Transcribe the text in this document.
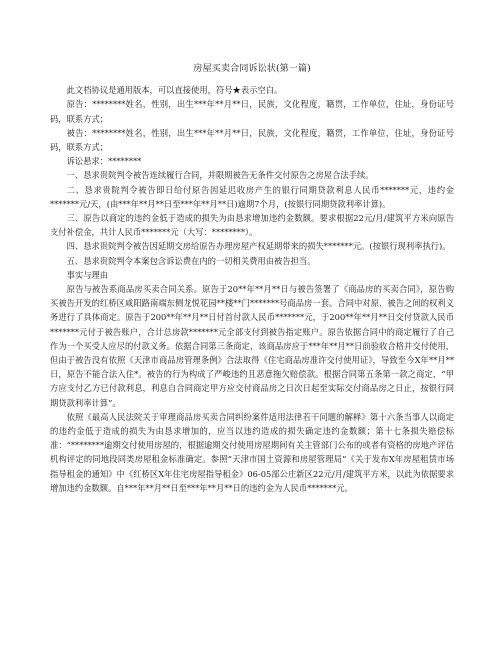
房屋买卖合同诉讼状(第一篇)

此文档协议是通用版本，可以直接使用，符号★表示空白。

原告：********姓名，性别，出生***年**月**日，民族，文化程度，籍贯，工作单位，住址，身份证号码，联系方式；

被告：********姓名，性别，出生***年**月**日，民族，文化程度，籍贯，工作单位，住址，身份证号码，联系方式；

诉讼悬求：********

一、恳求贵院判令被告连续履行合同，并限期被告无条件交付原告之房屋合法手续。

二、恳求贵院判令被告即日给付原告因延迟收房产生的银行同期贷款利息人民币*******元，违约金*******元/天，(由***年**月**日至***年**月**日)逾期7个月，(按银行同期贷款利率计算)。

三、原告以商定的违约金低于造成的损失为由恳求增加违约金数额。要求根据22元/月/建筑平方米向原告支付补偿金，共计人民币*******元（大写：********）。

四、恳求贵院判令被告因延期交房给原告办理房屋产权延期带来的损失*******元。(按银行现利率执行)。

五、恳求贵院判令本案包含诉讼费在内的一切相关费用由被告担当。

事实与理由

原告与被告系商品房买卖合同关系。原告于20**年**月**日与被告签署了《商品房的买卖合同》，原告购买被告开发的红桥区咸阳路南端东侧龙悦花园**楼**门*******号商品房一套。合同中对原、被告之间的权利义务进行了具体商定。原告于200**年**月**日付首付款人民币*******元，于200**年**月**日交付贷款人民币*******元付于被告账户，合计总房款*******元全部支付到被告指定账户。原告依据合同中的商定履行了自己作为一个买受人应尽的付款义务。依据合同第三条商定，该商品房应于***年**月**日前验收合格并交付使用，但由于被告没有依照《天津市商品房管理条例》合法取得《住宅商品房准许交付使用证》，导致至今X年**月**日，原告不能合法入住*。被告的行为构成了严峻违约且恶意拖欠赔偿款。根据合同第五条第一款之商定，“甲方应支付乙方已付款利息，利息自合同商定甲方应交付商品房之日次日起至实际交付商品房之日止，按银行同期贷款利率计算”。

依照《最高人民法院关于审理商品房买卖合同纠纷案件适用法律若干问题的解释》第十六条当事人以商定的违约金低于造成的损失为由恳求增加的，应当以违约造成的损失确定违约金数额；第十七条损失赔偿标准：“********逾期交付使用房屋的，根据逾期交付使用房屋期间有关主管部门公布的或者有资格的房地产评估机构评定的同地段同类房屋租金标准确定。参照“天津市国土资源和房屋管理局”《关于发布X年房屋租赁市场指导租金的通知》中《红桥区X年住宅房屋指导租金》06-05部公庄新区22元/月/建筑平方米，以此为依据要求增加违约金数额。自***年**月**日至***年**月**日的违约金为人民币*******元。
